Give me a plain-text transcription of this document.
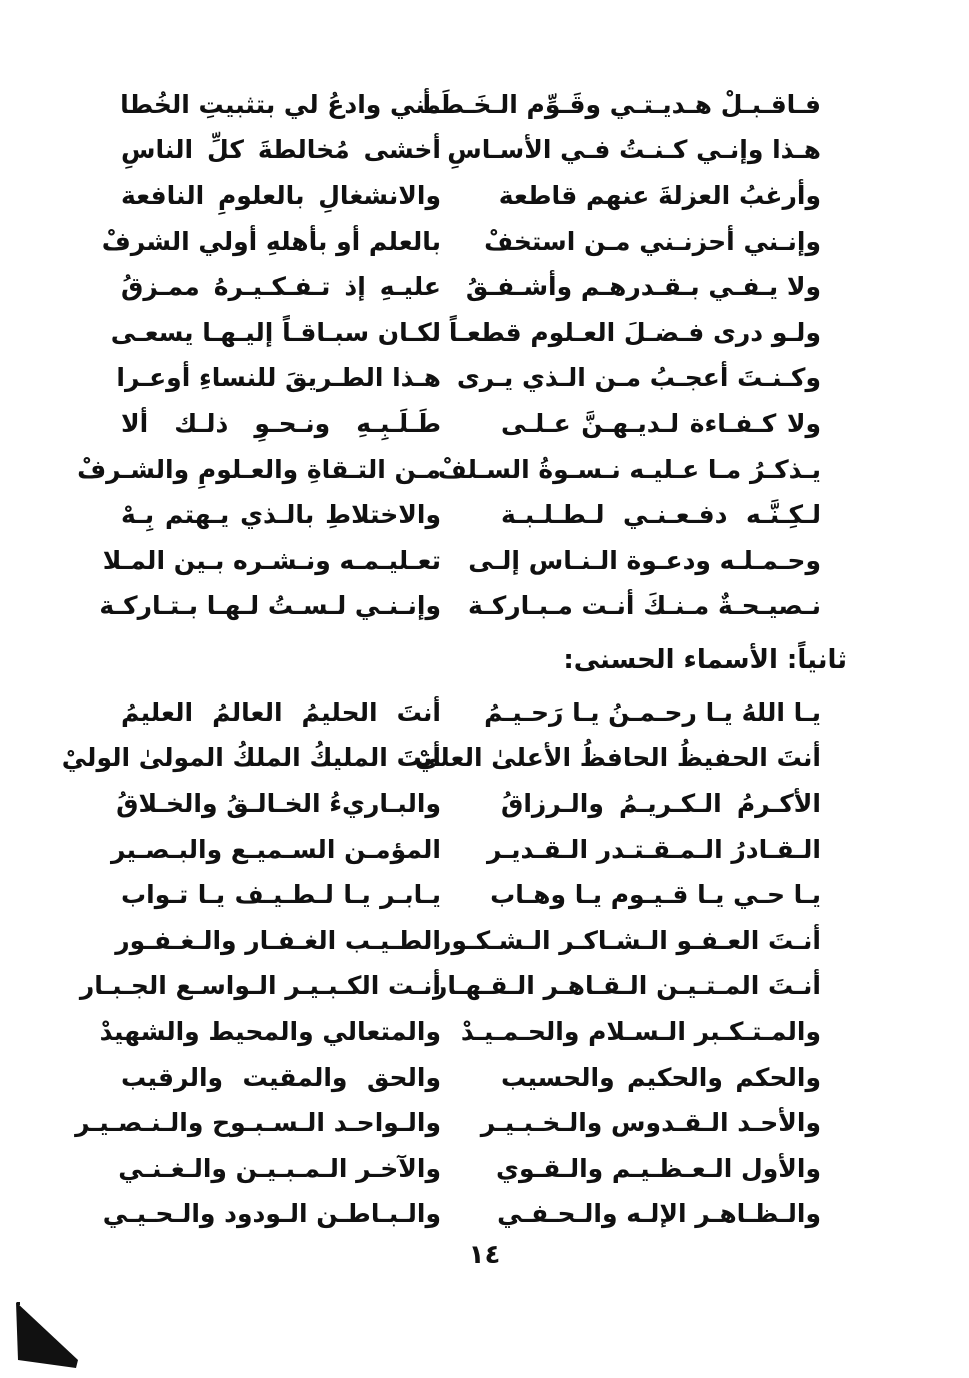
فـاقـبـلْ هـديـتـي وقَـوِّم الـخَـطَـأ
مني وادعُ لي بتثبيتِ الخُطا
هـذا وإنـي كـنـتُ فـي الأسـاسِ
أخشى مُخالطةَ كلِّ الناسِ
وأرغبُ العزلةَ عنهم قاطعة
والانشغالِ بالعلومِ النافعة
وإنـني أحزنـني مـن استخفْ
بالعلم أو بأهلهِ أولي الشرفْ
ولا يـفـي بـقـدرهـم وأشـفـقُ
عليـهِ إذ تـفـكـيـرهُ ممـزقُ
ولـو درى فـضـلَ العـلوم قطعـاً
لكـان سبـاقـاً إليـهـا يسعـى
وكـنـتَ أعجـبُ مـن الـذي يـرى
هـذا الطـريقَ للنساءِ أوعـرا
ولا كـفـاءة لـديـهـنَّ عـلـى
طَـلَـبِـهِ ونـحـوِ ذلـك ألا
يـذكـرُ مـا عـليـه نـسـوةُ السـلفْ
مـن التـقاةِ والعـلومِ والشـرفْ
لـكِـنَّـه دفـعـنـي لـطـلـبـة
والاختلاطِ بالـذي يـهتم بِـهْ
وحـمـلـه ودعـوة الـنـاس إلـى
تعـليـمـه ونـشـره بـين المـلا
نـصيـحـةٌ مـنـكَ أنـت مـبـاركـة
وإنـنـي لـسـتُ لـهـا بـتـاركـة
ثانياً: الأسماء الحسنى:
يـا اللهُ يـا رحـمـنُ يـا رَحـيـمُ
أنتَ الحليمُ العالمُ العليمُ
أنتَ الحفيظُ الحافظُ الأعلىٰ العليْ
أنتَ المليكُ الملكُ المولىٰ الوليْ
الأكـرمُ الـكـريـمُ والـرزاقُ
والبـاريءُ الخـالـقُ والخـلاقُ
الـقـادرُ الـمـقـتـدر الـقـديـر
المؤمـن السـميـع والبـصـير
يـا حـي يـا قـيـوم يـا وهـاب
يـابـر يـا لـطـيـف يـا تـواب
أنـتَ العـفـو الـشـاكـر الـشـكـور
الطـيـب الغـفـار والـغـفـور
أنـتَ المـتـيـن الـقـاهـر الـقـهـار
أنـت الكـبـيـر الـواسـع الجـبـار
والمـتـكـبر الـسـلام والحـمـيـدْ
والمتعالي والمحيط والشهيدْ
والحكم والحكيم والحسيب
والحق والمقيت والرقيب
والأحـد الـقـدوس والـخـبـيـر
والـواحـد الـسـبـوح والـنـصـيـر
والأول الـعـظـيـم والـقـوي
والآخـر الـمـبـيـن والـغـنـي
والـظـاهـر الإلـه والـحـفـي
والـبـاطـن الـودود والـحـيـي
١٤
